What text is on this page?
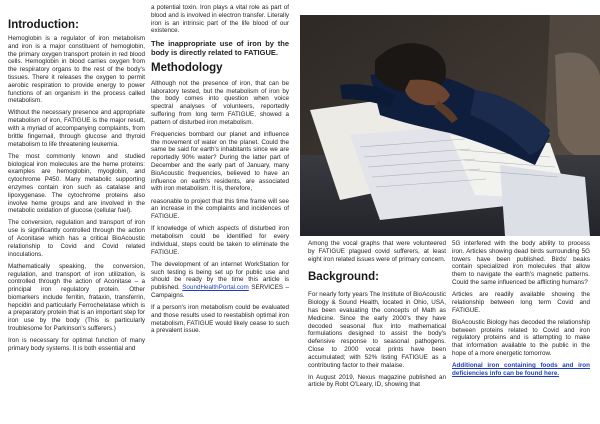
Introduction:

Hemoglobin is a regulator of iron metabolism and iron is a major constituent of hemoglobin, the primary oxygen transport protein in red blood cells. Hemoglobin in blood carries oxygen from the respiratory organs to the rest of the body's tissues. There it releases the oxygen to permit aerobic respiration to provide energy to power functions of an organism in the process called metabolism.

Without the necessary presence and appropriate metabolism of iron, FATIGUE is the major result, with a myriad of accompanying complaints, from brittle fingernail, through glucose and thyroid metabolism to life threatening leukemia.

The most commonly known and studied biological iron molecules are the heme proteins: examples are hemoglobin, myoglobin, and cytochrome P450. Many metabolic supporting enzymes contain iron such as catalase and lipoxygenase. The cytochrome proteins also involve heme groups and are involved in the metabolic oxidation of glucose (cellular fuel).

The conversion, regulation and transport of iron use is significantly controlled through the action of Aconitase which has a critical BioAcoustic relationship to Covid and Covid related inoculations.

Mathematically speaking, the conversion, regulation, and transport of iron utilization, is controlled through the action of Aconitase – a principal iron regulatory protein. Other biomarkers include ferritin, frataxin, transferrin, hepcidin and particularly Ferrochelatase which is a preparatory protein that is an important step for iron use by the body (This is particularly troublesome for Parkinson's sufferers.)

Iron is necessary for optimal function of many primary body systems. It is both essential and

a potential toxin. Iron plays a vital role as part of blood and is involved in electron transfer. Literally iron is an intrinsic part of the life blood of our existence.

The inappropriate use of iron by the body is directly related to FATIGUE.

Methodology

Although not the presence of iron, that can be laboratory tested, but the metabolism of iron by the body comes into question when voice spectral analyses of volunteers, reportedly suffering from long term FATIGUE, showed a pattern of disturbed iron metabolism.

Frequencies bombard our planet and influence the movement of water on the planet. Could the same be said for earth's inhabitants since we are reportedly 90% water? During the latter part of December and the early part of January, many BioAcoustic frequencies, believed to have an influence on earth's residents, are associated with iron metabolism. It is, therefore,

reasonable to project that this time frame will see an increase in the complaints and incidences of FATIGUE.

If knowledge of which aspects of disturbed iron metabolism could be identified for every individual, steps could be taken to eliminate the FATIGUE.

The development of an internet WorkStation for such testing is being set up for public use and should be ready by the time this article is published. SoundHealthPortal.com SERVICES – Campaigns.

If a person's iron metabolism could be evaluated and those results used to reestablish optimal iron metabolism, FATIGUE would likely cease to such a prevalent issue.

Among the vocal graphs that were volunteered by FATIGUE plagued covid sufferers, at least eight iron related issues were of primary concern.

Background:

For nearly forty years The Institute of BioAcoustic Biology & Sound Health, located in Ohio, USA, has been evaluating the concepts of Math as Medicine. Since the early 2000's they have decoded seasonal flux into mathematical formulations designed to assist the body's defensive response to seasonal pathogens. Close to 2000 vocal prints have been accumulated; with 52% listing FATIGUE as a contributing factor to their malaise.

In August 2019, Nexus magazine published an article by Robt O'Leary, ID, showing that

5G interfered with the body ability to process iron. Articles showing dead birds surrounding 5G towers have been published. Birds' beaks contain specialized iron molecules that allow them to navigate the earth's magnetic patterns. Could the same influenced be afflicting humans?

Articles are readily available showing the relationship between long term Covid and FATIGUE.

BioAcoustic Biology has decoded the relationship between proteins related to Covid and iron regulatory proteins and is attempting to make that information available to the public in the hope of a more energetic tomorrow.

Additional iron containing foods and iron deficiencies info can be found here.
